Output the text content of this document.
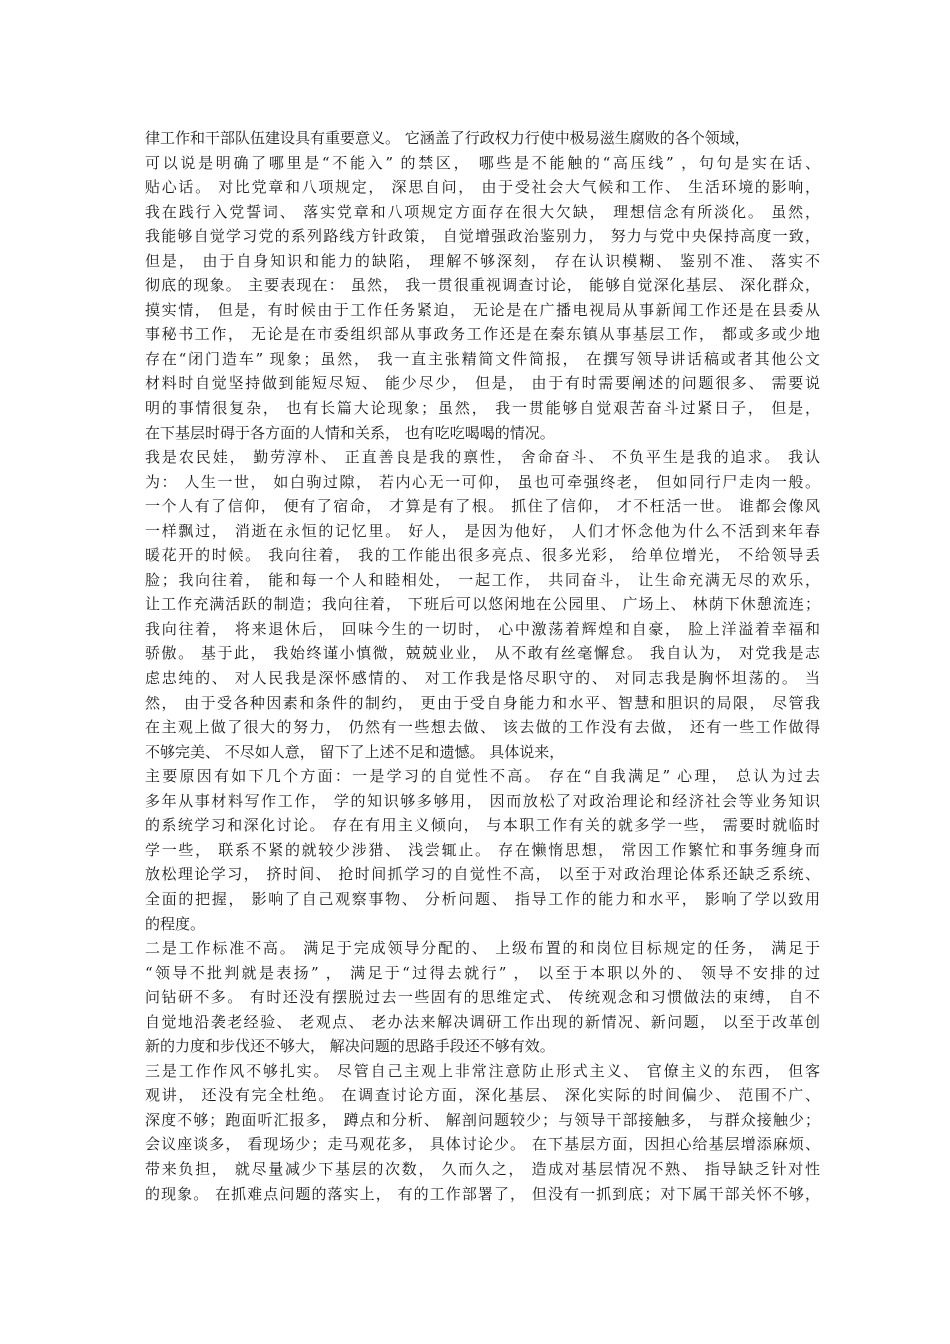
律工作和干部队伍建设具有重要意义。 它涵盖了行政权力行使中极易滋生腐败的各个领域，
可以说是明确了哪里是“不能入” 的禁区， 哪些是不能触的“高压线” ，句句是实在话、
贴心话。 对比党章和八项规定， 深思自问， 由于受社会大气候和工作、 生活环境的影响，
我在践行入党誓词、 落实党章和八项规定方面存在很大欠缺， 理想信念有所淡化。 虽然，
我能够自觉学习党的系列路线方针政策， 自觉增强政治鉴别力， 努力与党中央保持高度一致，
但是， 由于自身知识和能力的缺陷， 理解不够深刻， 存在认识模糊、 鉴别不准、 落实不
彻底的现象。 主要表现在： 虽然， 我一贯很重视调查讨论， 能够自觉深化基层、 深化群众，
摸实情， 但是，有时候由于工作任务紧迫， 无论是在广播电视局从事新闻工作还是在县委从
事秘书工作， 无论是在市委组织部从事政务工作还是在秦东镇从事基层工作， 都或多或少地
存在“闭门造车” 现象；虽然， 我一直主张精简文件简报， 在撰写领导讲话稿或者其他公文
材料时自觉坚持做到能短尽短、 能少尽少， 但是， 由于有时需要阐述的问题很多、 需要说
明的事情很复杂， 也有长篇大论现象；虽然， 我一贯能够自觉艰苦奋斗过紧日子， 但是，
在下基层时碍于各方面的人情和关系， 也有吃吃喝喝的情况。
我是农民娃， 勤劳淳朴、 正直善良是我的禀性， 舍命奋斗、 不负平生是我的追求。 我认
为： 人生一世， 如白驹过隙， 若内心无一可仰， 虽也可牵强终老， 但如同行尸走肉一般。
一个人有了信仰， 便有了宿命， 才算是有了根。 抓住了信仰， 才不枉活一世。 谁都会像风
一样飘过， 消逝在永恒的记忆里。 好人， 是因为他好， 人们才怀念他为什么不活到来年春
暖花开的时候。 我向往着， 我的工作能出很多亮点、很多光彩， 给单位增光， 不给领导丢
脸；我向往着， 能和每一个人和睦相处， 一起工作， 共同奋斗， 让生命充满无尽的欢乐，
让工作充满活跃的制造；我向往着， 下班后可以悠闲地在公园里、 广场上、 林荫下休憩流连；
我向往着， 将来退休后， 回味今生的一切时， 心中激荡着辉煌和自豪， 脸上洋溢着幸福和
骄傲。 基于此， 我始终谨小慎微，兢兢业业， 从不敢有丝毫懈怠。 我自认为， 对党我是志
虑忠纯的、 对人民我是深怀感情的、 对工作我是恪尽职守的、 对同志我是胸怀坦荡的。 当
然， 由于受各种因素和条件的制约， 更由于受自身能力和水平、智慧和胆识的局限， 尽管我
在主观上做了很大的努力， 仍然有一些想去做、 该去做的工作没有去做， 还有一些工作做得
不够完美、 不尽如人意， 留下了上述不足和遗憾。 具体说来，
主要原因有如下几个方面：一是学习的自觉性不高。 存在“自我满足” 心理， 总认为过去
多年从事材料写作工作， 学的知识够多够用， 因而放松了对政治理论和经济社会等业务知识
的系统学习和深化讨论。 存在有用主义倾向， 与本职工作有关的就多学一些， 需要时就临时
学一些， 联系不紧的就较少涉猎、 浅尝辄止。 存在懒惰思想， 常因工作繁忙和事务缠身而
放松理论学习， 挤时间、 抢时间抓学习的自觉性不高， 以至于对政治理论体系还缺乏系统、
全面的把握， 影响了自己观察事物、 分析问题、 指导工作的能力和水平， 影响了学以致用
的程度。
二是工作标准不高。 满足于完成领导分配的、 上级布置的和岗位目标规定的任务， 满足于
“领导不批判就是表扬” ， 满足于“过得去就行” ， 以至于本职以外的、 领导不安排的过
问钻研不多。 有时还没有摆脱过去一些固有的思维定式、 传统观念和习惯做法的束缚， 自不
自觉地沿袭老经验、 老观点、 老办法来解决调研工作出现的新情况、新问题， 以至于改革创
新的力度和步伐还不够大， 解决问题的思路手段还不够有效。
三是工作作风不够扎实。 尽管自己主观上非常注意防止形式主义、 官僚主义的东西， 但客
观讲， 还没有完全杜绝。 在调查讨论方面，深化基层、 深化实际的时间偏少、 范围不广、
深度不够；跑面听汇报多， 蹲点和分析、 解剖问题较少；与领导干部接触多， 与群众接触少；
会议座谈多， 看现场少；走马观花多， 具体讨论少。 在下基层方面，因担心给基层增添麻烦、
带来负担， 就尽量减少下基层的次数， 久而久之， 造成对基层情况不熟、 指导缺乏针对性
的现象。 在抓难点问题的落实上， 有的工作部署了， 但没有一抓到底；对下属干部关怀不够，
